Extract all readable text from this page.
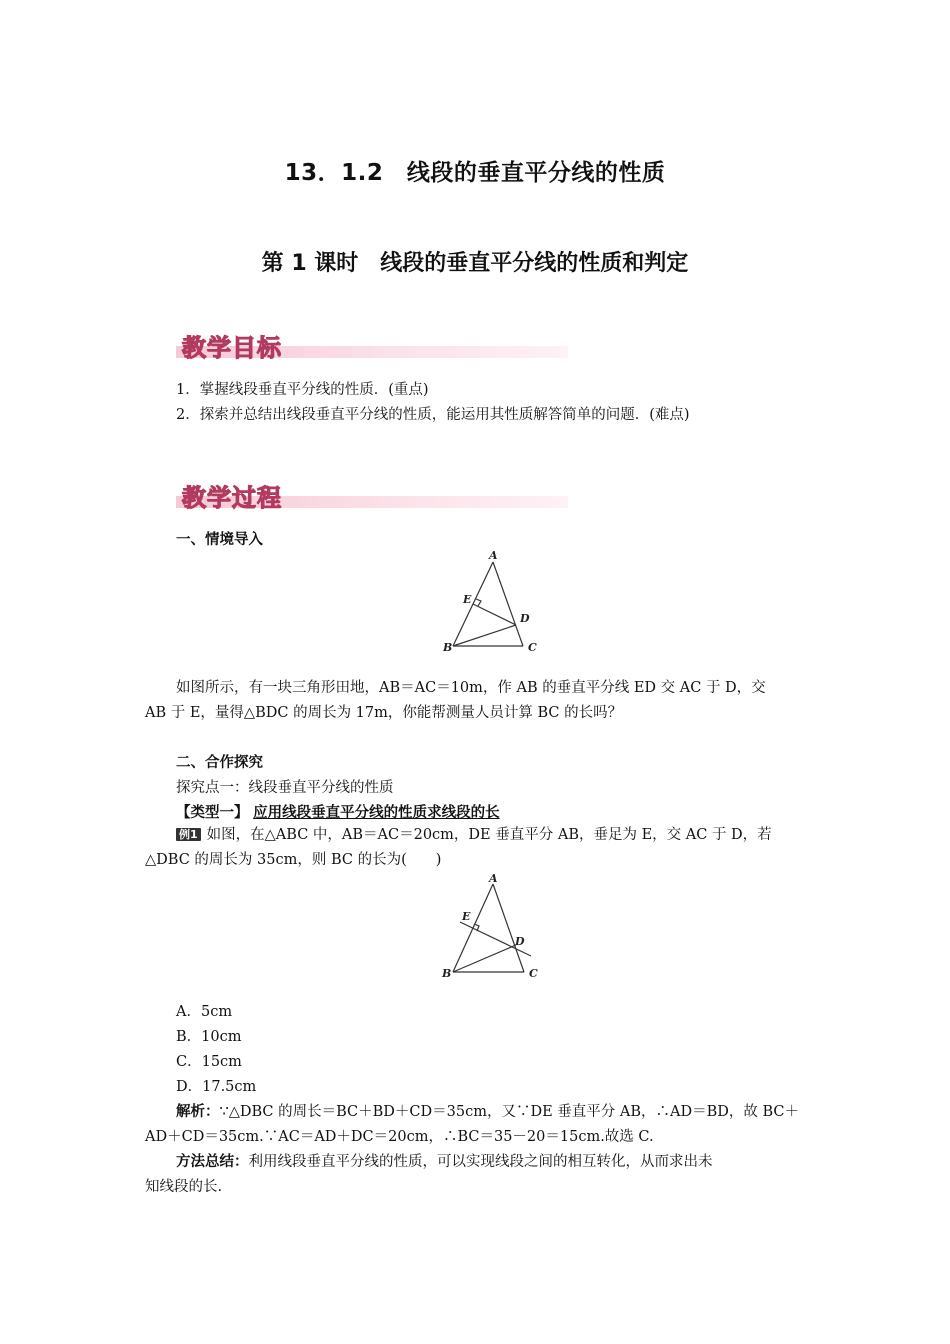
13．1.2　线段的垂直平分线的性质
第 1 课时　线段的垂直平分线的性质和判定
教学目标
1．掌握线段垂直平分线的性质．(重点)
2．探索并总结出线段垂直平分线的性质，能运用其性质解答简单的问题．(难点)
教学过程
一、情境导入
A
E
D
B	C
如图所示，有一块三角形田地，AB＝AC＝10m，作 AB 的垂直平分线 ED 交 AC 于 D，交
AB 于 E，量得△BDC 的周长为 17m，你能帮测量人员计算 BC 的长吗？
二、合作探究
探究点一：线段垂直平分线的性质
【类型一】 应用线段垂直平分线的性质求线段的长
例1 如图，在△ABC 中，AB＝AC＝20cm，DE 垂直平分 AB，垂足为 E，交 AC 于 D，若
△DBC 的周长为 35cm，则 BC 的长为(　　)
A
E
D
B	C
A．5cm
B．10cm
C．15cm
D．17.5cm
解析：∵△DBC 的周长＝BC＋BD＋CD＝35cm，又∵DE 垂直平分 AB，∴AD＝BD，故 BC＋
AD＋CD＝35cm.∵AC＝AD＋DC＝20cm，∴BC＝35－20＝15cm.故选 C.
方法总结：利用线段垂直平分线的性质，可以实现线段之间的相互转化，从而求出未
知线段的长.
